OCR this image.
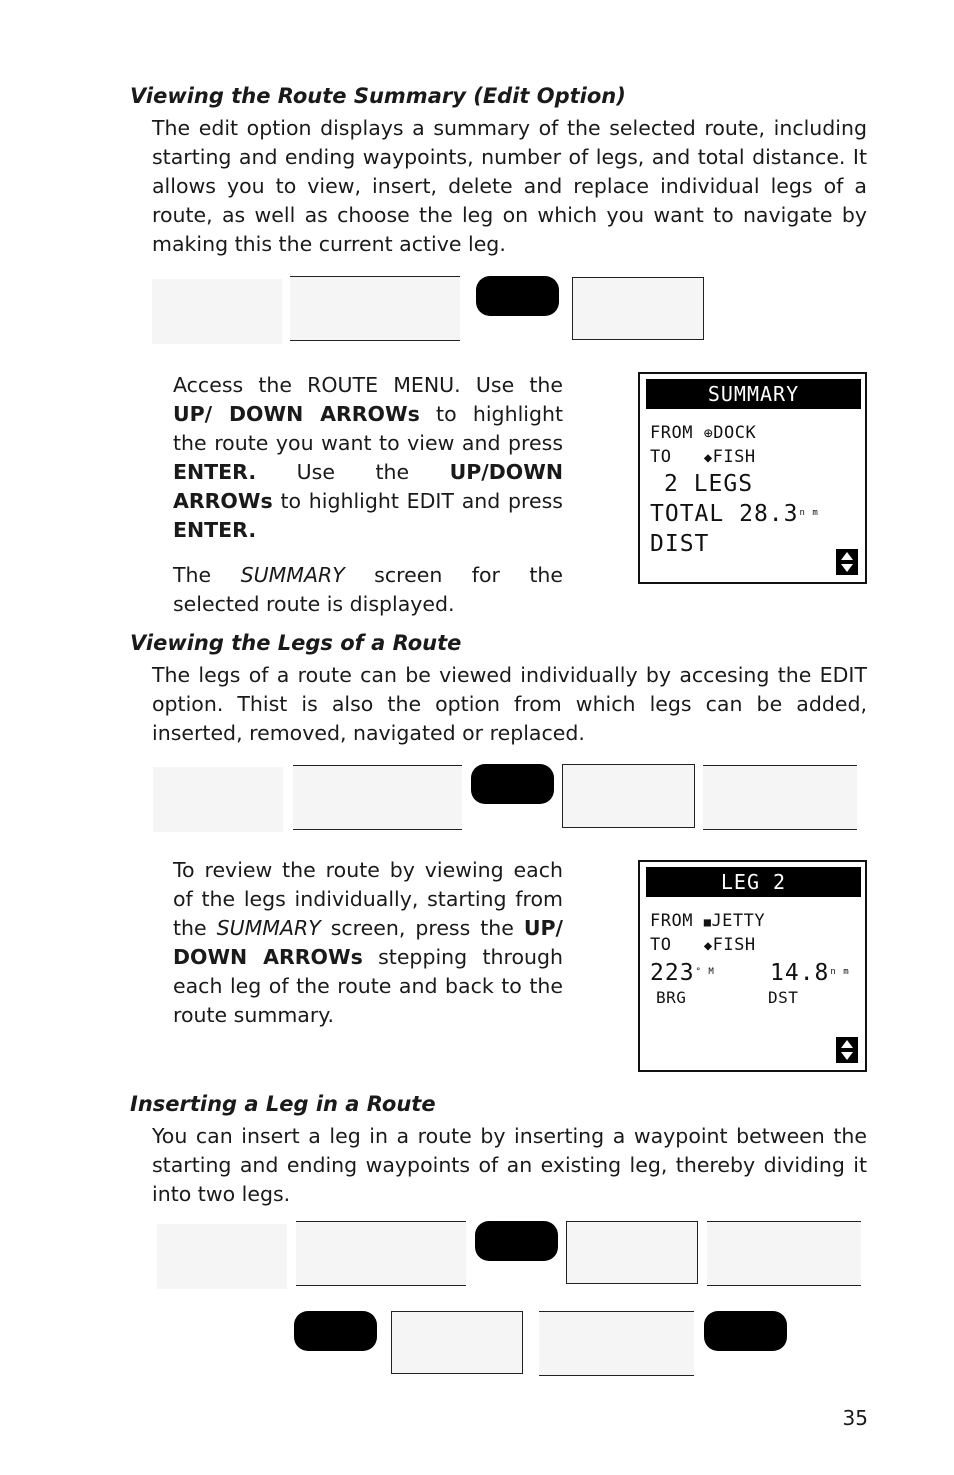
Viewing the Route Summary (Edit Option)
The edit option displays a summary of the selected route, including starting and ending waypoints, number of legs, and total distance. It allows you to view, insert, delete and replace individual legs of a route, as well as choose the leg on which you want to navigate by making this the current active leg.

Access the ROUTE MENU. Use the UP/ DOWN ARROWs to highlight the route you want to view and press ENTER. Use the UP/DOWN ARROWs to highlight EDIT and press ENTER.

The SUMMARY screen for the selected route is displayed.

SUMMARY
FROM ⊕DOCK
TO ◆FISH
2 LEGS
TOTAL 28.3n m
DIST
Viewing the Legs of a Route
The legs of a route can be viewed individually by accesing the EDIT option. Thist is also the option from which legs can be added, inserted, removed, navigated or replaced.

To review the route by viewing each of the legs individually, starting from the SUMMARY screen, press the UP/ DOWN ARROWs stepping through each leg of the route and back to the route summary.

LEG 2
FROM ■JETTY
TO ◆FISH
223° M 14.8n m
BRG	DST
Inserting a Leg in a Route
You can insert a leg in a route by inserting a waypoint between the starting and ending waypoints of an existing leg, thereby dividing it into two legs.
35
